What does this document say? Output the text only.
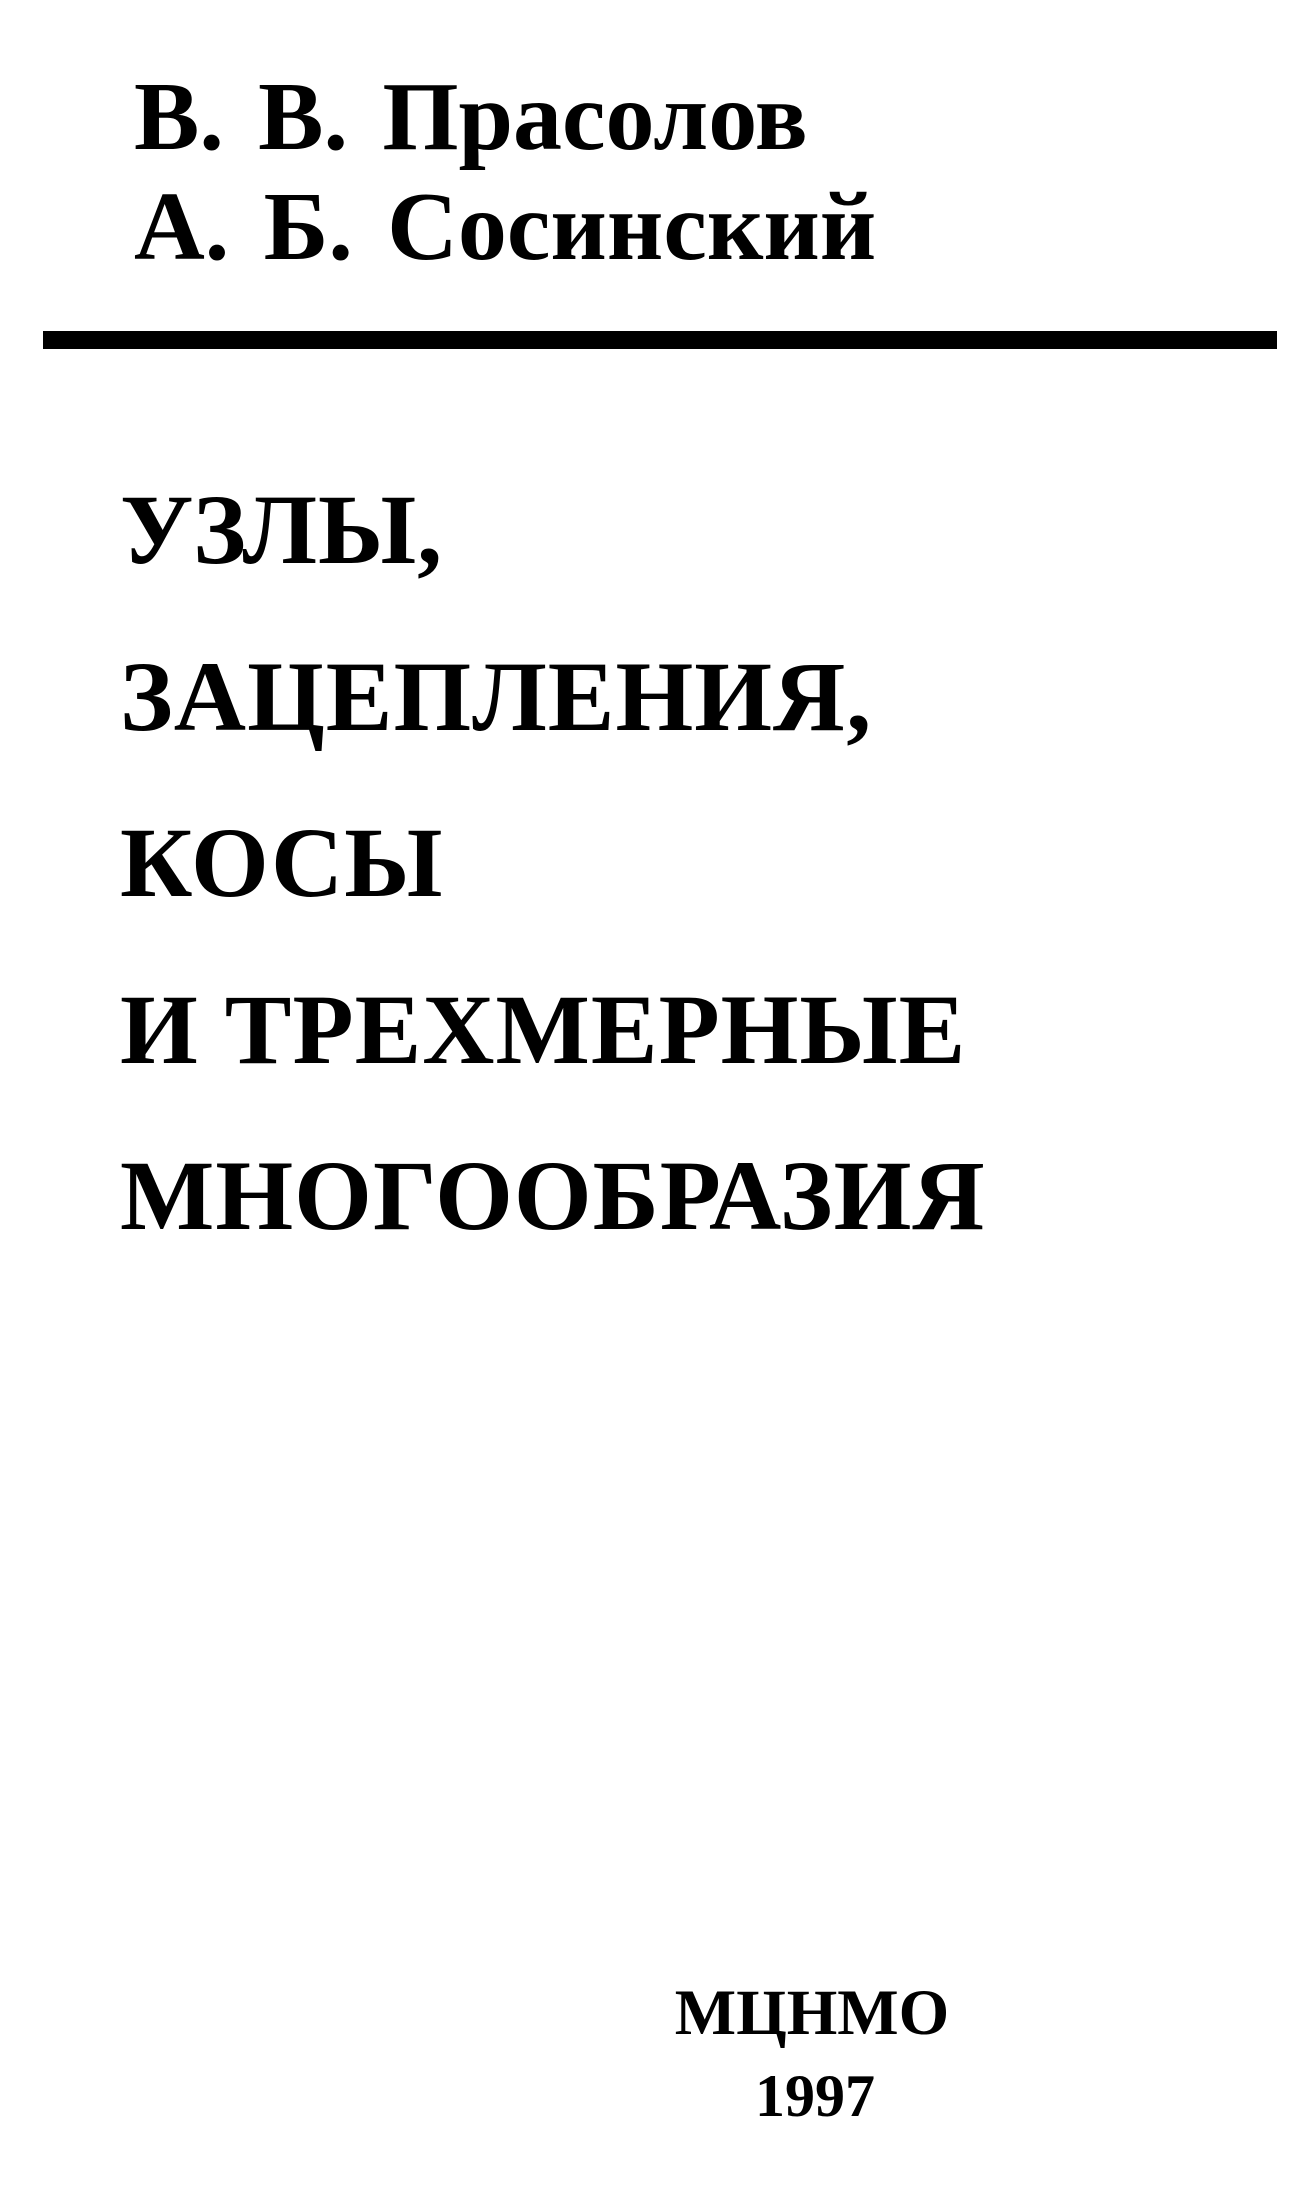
В. В. Прасолов
А. Б. Сосинский
УЗЛЫ,
ЗАЦЕПЛЕНИЯ,
КОСЫ
И ТРЕХМЕРНЫЕ
МНОГООБРАЗИЯ
МЦНМО
1997
